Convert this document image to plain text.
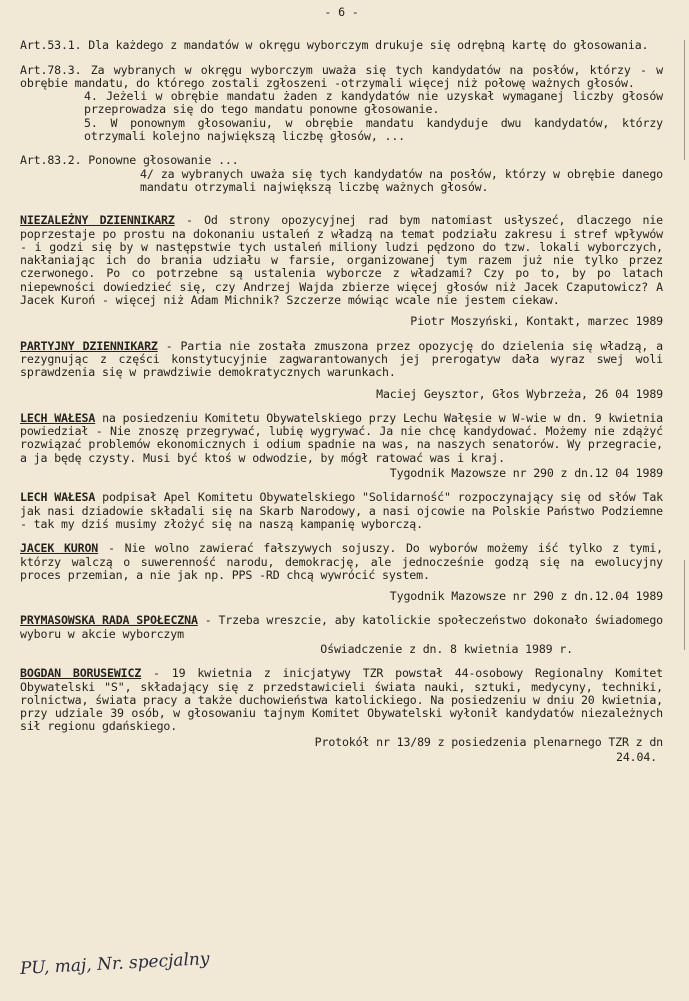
- 6 -

Art.53.1. Dla każdego z mandatów w okręgu wyborczym drukuje się odrębną kartę do głosowania.

Art.78.3. Za wybranych w okręgu wyborczym uważa się tych kandydatów na posłów, którzy - w obrębie mandatu, do którego zostali zgłoszeni -otrzymali więcej niż połowę ważnych głosów.

4. Jeżeli w obrębie mandatu żaden z kandydatów nie uzyskał wymaganej liczby głosów przeprowadza się do tego mandatu ponowne głosowanie.

5. W ponownym głosowaniu, w obrębie mandatu kandyduje dwu kandydatów, którzy otrzymali kolejno największą liczbę głosów, ...

Art.83.2. Ponowne głosowanie ...

4/ za wybranych uważa się tych kandydatów na posłów, którzy w obrębie danego mandatu otrzymali największą liczbę ważnych głosów.

NIEZALEŻNY DZIENNIKARZ - Od strony opozycyjnej rad bym natomiast usłyszeć, dlaczego nie poprzestaje po prostu na dokonaniu ustaleń z władzą na temat podziału zakresu i stref wpływów - i godzi się by w następstwie tych ustaleń miliony ludzi pędzono do tzw. lokali wyborczych, nakłaniając ich do brania udziału w farsie, organizowanej tym razem już nie tylko przez czerwonego. Po co potrzebne są ustalenia wyborcze z władzami? Czy po to, by po latach niepewności dowiedzieć się, czy Andrzej Wajda zbierze więcej głosów niż Jacek Czaputowicz? A Jacek Kuroń - więcej niż Adam Michnik? Szczerze mówiąc wcale nie jestem ciekaw.

Piotr Moszyński, Kontakt, marzec 1989

PARTYJNY DZIENNIKARZ - Partia nie została zmuszona przez opozycję do dzielenia się władzą, a rezygnując z części konstytucyjnie zagwarantowanych jej prerogatyw dała wyraz swej woli sprawdzenia się w prawdziwie demokratycznych warunkach.

Maciej Geysztor, Głos Wybrzeża, 26 04 1989

LECH WAŁESA na posiedzeniu Komitetu Obywatelskiego przy Lechu Wałęsie w W-wie w dn. 9 kwietnia powiedział - Nie znoszę przegrywać, lubię wygrywać. Ja nie chcę kandydować. Możemy nie zdążyć rozwiązać problemów ekonomicznych i odium spadnie na was, na naszych senatorów. Wy przegracie, a ja będę czysty. Musi być ktoś w odwodzie, by mógł ratować was i kraj.

Tygodnik Mazowsze nr 290 z dn.12 04 1989

LECH WAŁESA podpisał Apel Komitetu Obywatelskiego "Solidarność" rozpoczynający się od słów Tak jak nasi dziadowie składali się na Skarb Narodowy, a nasi ojcowie na Polskie Państwo Podziemne - tak my dziś musimy złożyć się na naszą kampanię wyborczą.

JACEK KURON - Nie wolno zawierać fałszywych sojuszy. Do wyborów możemy iść tylko z tymi, którzy walczą o suwerenność narodu, demokrację, ale jednocześnie godzą się na ewolucyjny proces przemian, a nie jak np. PPS -RD chcą wywrócić system.

Tygodnik Mazowsze nr 290 z dn.12.04 1989

PRYMASOWSKA RADA SPOŁECZNA - Trzeba wreszcie, aby katolickie społeczeństwo dokonało świadomego wyboru w akcie wyborczym

Oświadczenie z dn. 8 kwietnia 1989 r.

BOGDAN BORUSEWICZ - 19 kwietnia z inicjatywy TZR powstał 44-osobowy Regionalny Komitet Obywatelski "S", składający się z przedstawicieli świata nauki, sztuki, medycyny, techniki, rolnictwa, świata pracy a także duchowieństwa katolickiego. Na posiedzeniu w dniu 20 kwietnia, przy udziale 39 osób, w głosowaniu tajnym Komitet Obywatelski wyłonił kandydatów niezależnych sił regionu gdańskiego.

Protokół nr 13/89 z posiedzenia plenarnego TZR z dn
24.04.
PU, maj, Nr. specjalny
